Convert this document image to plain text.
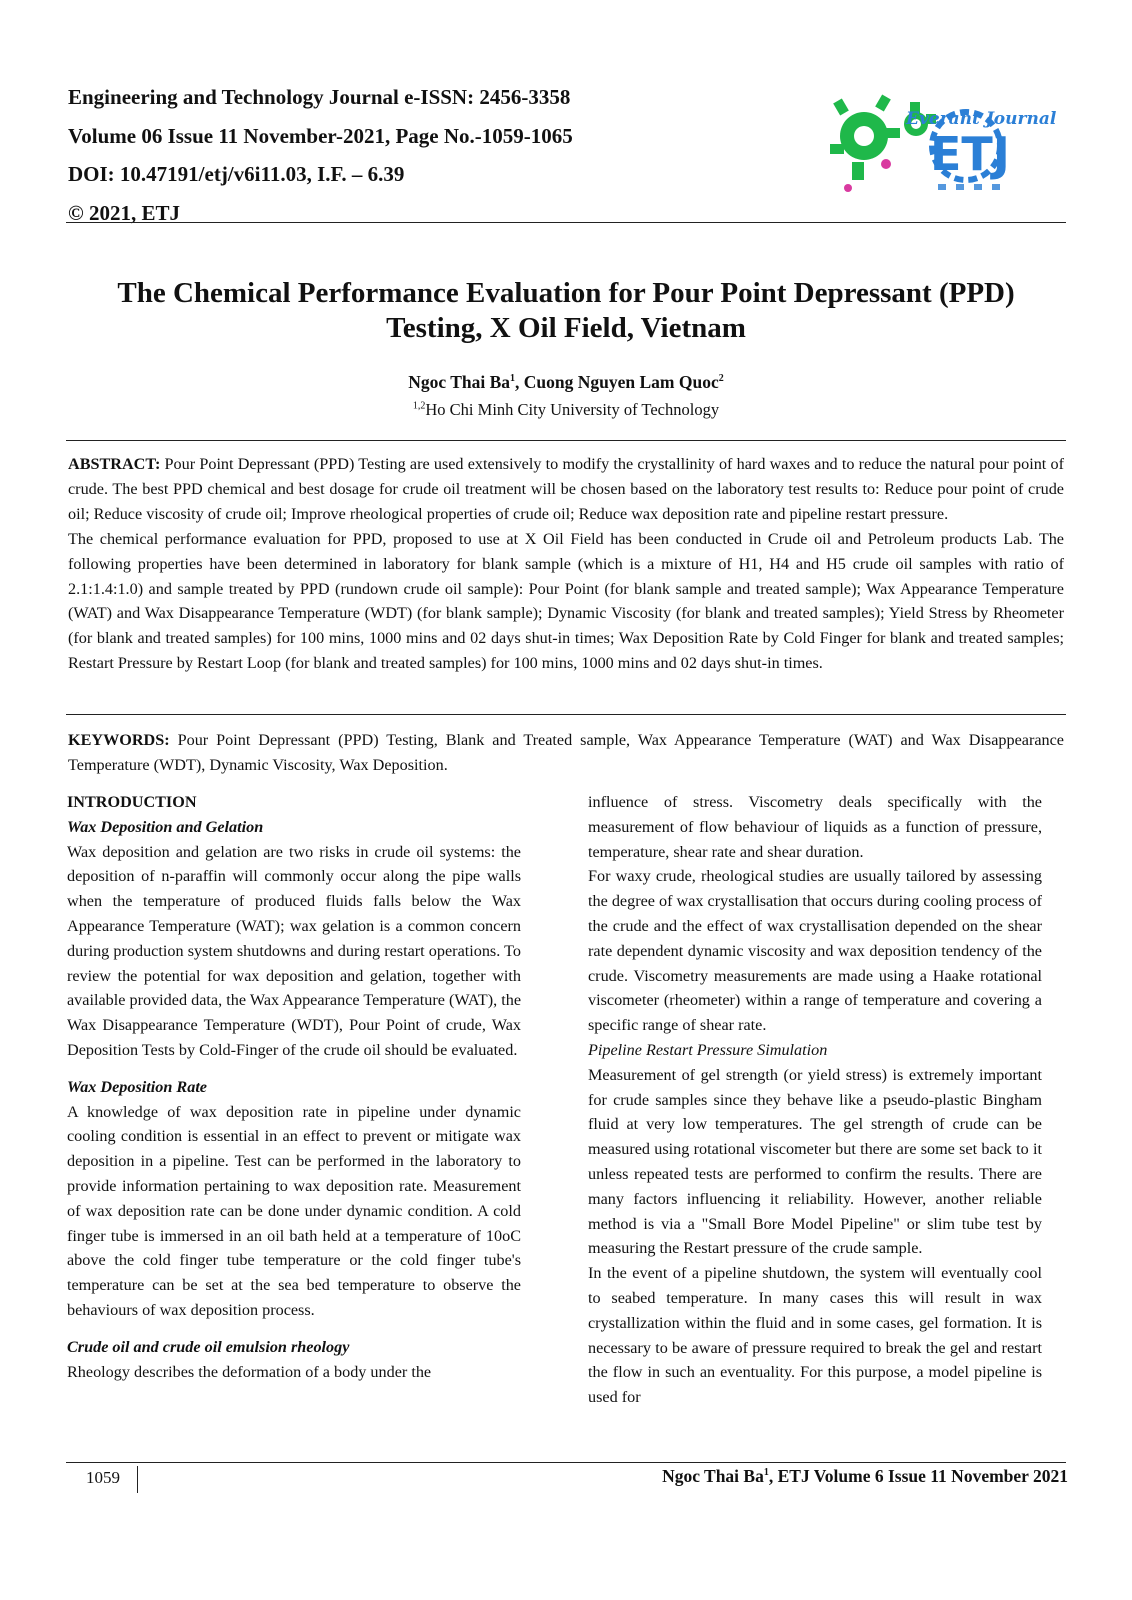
Engineering and Technology Journal e-ISSN: 2456-3358
Volume 06 Issue 11 November-2021, Page No.-1059-1065
DOI: 10.47191/etj/v6i11.03, I.F. – 6.39
© 2021, ETJ
Everant Journal
ETJ
The Chemical Performance Evaluation for Pour Point Depressant (PPD)
Testing, X Oil Field, Vietnam
Ngoc Thai Ba$^1$, Cuong Nguyen Lam Quoc$^2$
$^{1,2}$Ho Chi Minh City University of Technology

ABSTRACT: Pour Point Depressant (PPD) Testing are used extensively to modify the crystallinity of hard waxes and to reduce the natural pour point of crude. The best PPD chemical and best dosage for crude oil treatment will be chosen based on the laboratory test results to: Reduce pour point of crude oil; Reduce viscosity of crude oil; Improve rheological properties of crude oil; Reduce wax deposition rate and pipeline restart pressure.

The chemical performance evaluation for PPD, proposed to use at X Oil Field has been conducted in Crude oil and Petroleum products Lab. The following properties have been determined in laboratory for blank sample (which is a mixture of H1, H4 and H5 crude oil samples with ratio of 2.1:1.4:1.0) and sample treated by PPD (rundown crude oil sample): Pour Point (for blank sample and treated sample); Wax Appearance Temperature (WAT) and Wax Disappearance Temperature (WDT) (for blank sample); Dynamic Viscosity (for blank and treated samples); Yield Stress by Rheometer (for blank and treated samples) for 100 mins, 1000 mins and 02 days shut-in times; Wax Deposition Rate by Cold Finger for blank and treated samples; Restart Pressure by Restart Loop (for blank and treated samples) for 100 mins, 1000 mins and 02 days shut-in times.

KEYWORDS: Pour Point Depressant (PPD) Testing, Blank and Treated sample, Wax Appearance Temperature (WAT) and Wax Disappearance Temperature (WDT), Dynamic Viscosity, Wax Deposition.

INTRODUCTION

Wax Deposition and Gelation

Wax deposition and gelation are two risks in crude oil systems: the deposition of n-paraffin will commonly occur along the pipe walls when the temperature of produced fluids falls below the Wax Appearance Temperature (WAT); wax gelation is a common concern during production system shutdowns and during restart operations. To review the potential for wax deposition and gelation, together with available provided data, the Wax Appearance Temperature (WAT), the Wax Disappearance Temperature (WDT), Pour Point of crude, Wax Deposition Tests by Cold-Finger of the crude oil should be evaluated.

Wax Deposition Rate

A knowledge of wax deposition rate in pipeline under dynamic cooling condition is essential in an effect to prevent or mitigate wax deposition in a pipeline. Test can be performed in the laboratory to provide information pertaining to wax deposition rate. Measurement of wax deposition rate can be done under dynamic condition. A cold finger tube is immersed in an oil bath held at a temperature of 10oC above the cold finger tube temperature or the cold finger tube's temperature can be set at the sea bed temperature to observe the behaviours of wax deposition process.

Crude oil and crude oil emulsion rheology

Rheology describes the deformation of a body under the

influence of stress. Viscometry deals specifically with the measurement of flow behaviour of liquids as a function of pressure, temperature, shear rate and shear duration.

For waxy crude, rheological studies are usually tailored by assessing the degree of wax crystallisation that occurs during cooling process of the crude and the effect of wax crystallisation depended on the shear rate dependent dynamic viscosity and wax deposition tendency of the crude. Viscometry measurements are made using a Haake rotational viscometer (rheometer) within a range of temperature and covering a specific range of shear rate.

Pipeline Restart Pressure Simulation

Measurement of gel strength (or yield stress) is extremely important for crude samples since they behave like a pseudo-plastic Bingham fluid at very low temperatures. The gel strength of crude can be measured using rotational viscometer but there are some set back to it unless repeated tests are performed to confirm the results. There are many factors influencing it reliability. However, another reliable method is via a "Small Bore Model Pipeline" or slim tube test by measuring the Restart pressure of the crude sample.

In the event of a pipeline shutdown, the system will eventually cool to seabed temperature. In many cases this will result in wax crystallization within the fluid and in some cases, gel formation. It is necessary to be aware of pressure required to break the gel and restart the flow in such an eventuality. For this purpose, a model pipeline is used for

1059	Ngoc Thai Ba$^1$, ETJ Volume 6 Issue 11 November 2021
